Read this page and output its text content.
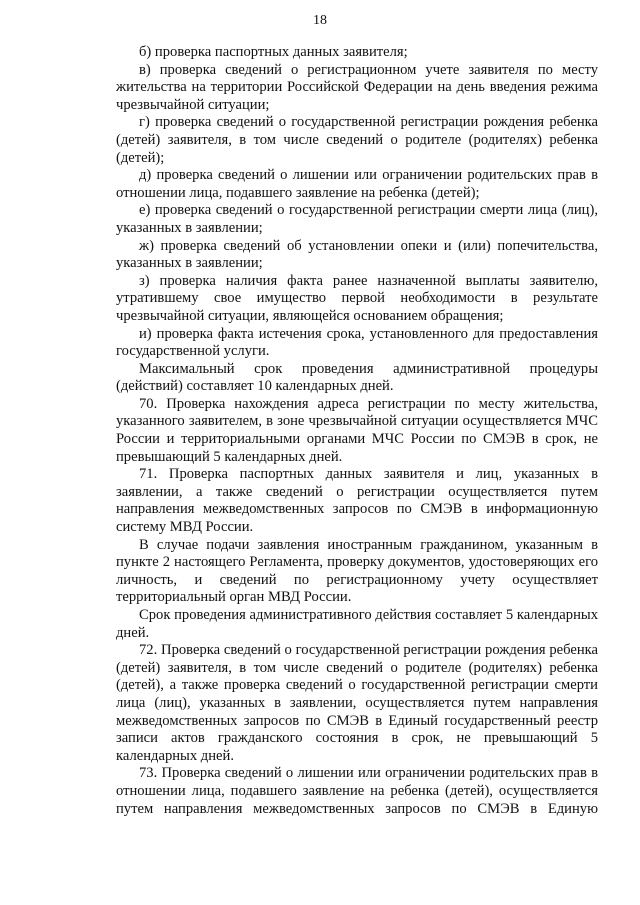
18

б) проверка паспортных данных заявителя;

в) проверка сведений о регистрационном учете заявителя по месту жительства на территории Российской Федерации на день введения режима чрезвычайной ситуации;

г) проверка сведений о государственной регистрации рождения ребенка (детей) заявителя, в том числе сведений о родителе (родителях) ребенка (детей);

д) проверка сведений о лишении или ограничении родительских прав в отношении лица, подавшего заявление на ребенка (детей);

е) проверка сведений о государственной регистрации смерти лица (лиц), указанных в заявлении;

ж) проверка сведений об установлении опеки и (или) попечительства, указанных в заявлении;

з) проверка наличия факта ранее назначенной выплаты заявителю, утратившему свое имущество первой необходимости в результате чрезвычайной ситуации, являющейся основанием обращения;

и) проверка факта истечения срока, установленного для предоставления государственной услуги.

Максимальный срок проведения административной процедуры (действий) составляет 10 календарных дней.

70. Проверка нахождения адреса регистрации по месту жительства, указанного заявителем, в зоне чрезвычайной ситуации осуществляется МЧС России и территориальными органами МЧС России по СМЭВ в срок, не превышающий 5 календарных дней.

71. Проверка паспортных данных заявителя и лиц, указанных в заявлении, а также сведений о регистрации осуществляется путем направления межведомственных запросов по СМЭВ в информационную систему МВД России.

В случае подачи заявления иностранным гражданином, указанным в пункте 2 настоящего Регламента, проверку документов, удостоверяющих его личность, и сведений по регистрационному учету осуществляет территориальный орган МВД России.

Срок проведения административного действия составляет 5 календарных дней.

72. Проверка сведений о государственной регистрации рождения ребенка (детей) заявителя, в том числе сведений о родителе (родителях) ребенка (детей), а также проверка сведений о государственной регистрации смерти лица (лиц), указанных в заявлении, осуществляется путем направления межведомственных запросов по СМЭВ в Единый государственный реестр записи актов гражданского состояния в срок, не превышающий 5 календарных дней.

73. Проверка сведений о лишении или ограничении родительских прав в отношении лица, подавшего заявление на ребенка (детей), осуществляется путем направления межведомственных запросов по СМЭВ в Единую
